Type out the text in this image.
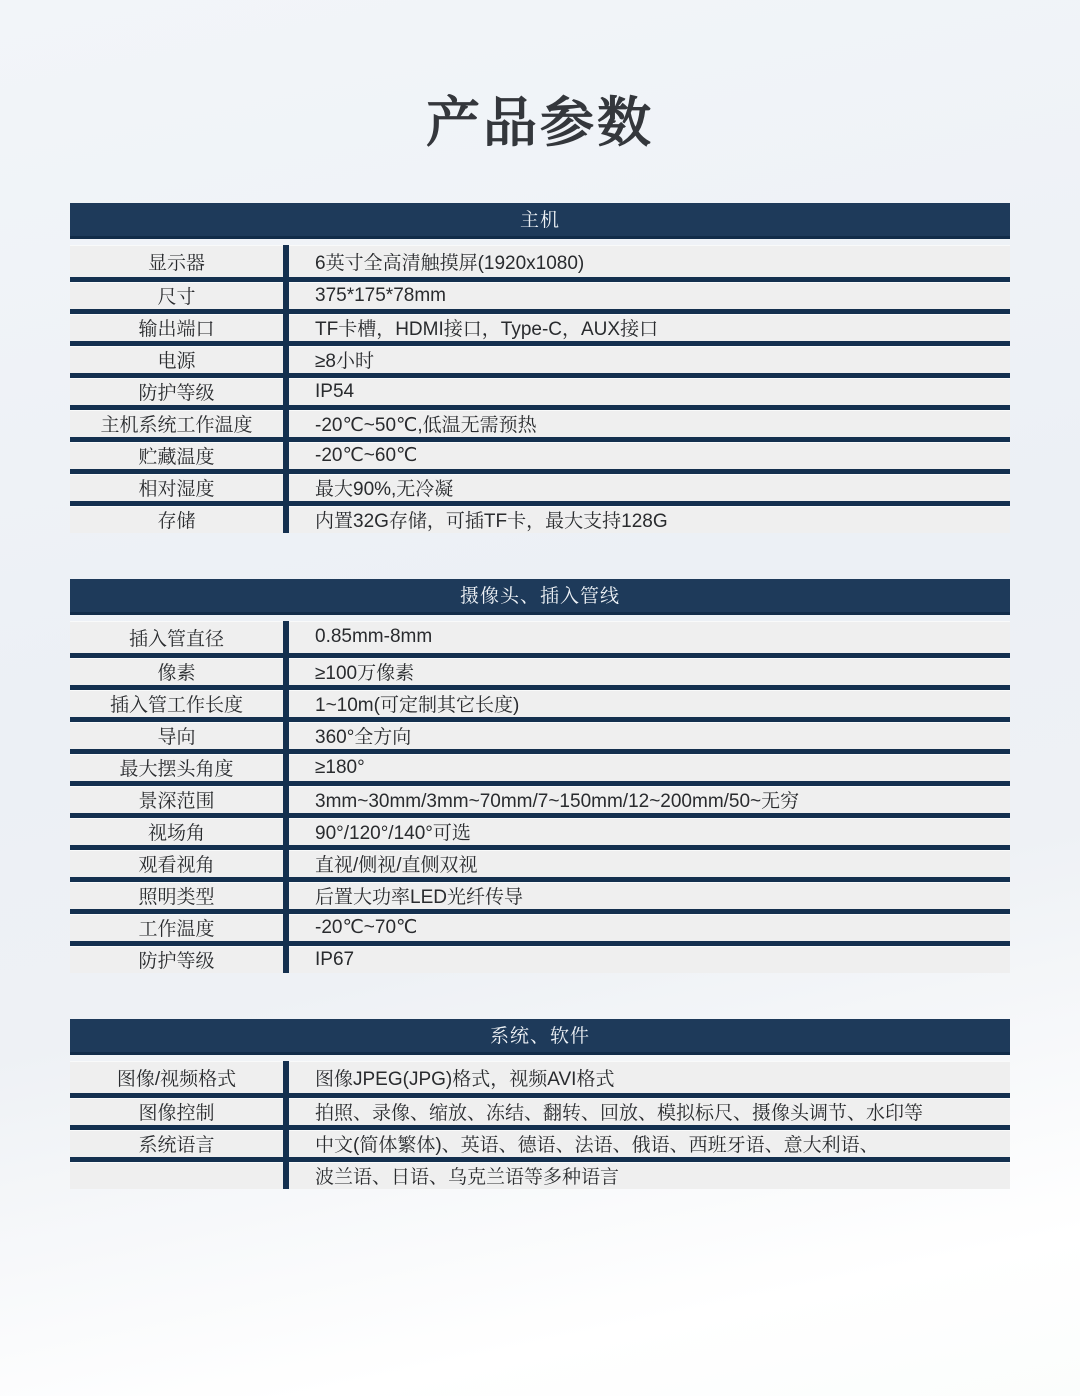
产品参数
主机
显示器	6英寸全高清触摸屏(1920x1080)
尺寸	375*175*78mm
输出端口	TF卡槽，HDMI接口，Type-C，AUX接口
电源	≥8小时
防护等级	IP54
主机系统工作温度	-20℃~50℃,低温无需预热
贮藏温度	-20℃~60℃
相对湿度	最大90%,无冷凝
存储	内置32G存储，可插TF卡，最大支持128G
摄像头、插入管线
插入管直径	0.85mm-8mm
像素	≥100万像素
插入管工作长度	1~10m(可定制其它长度)
导向	360°全方向
最大摆头角度	≥180°
景深范围	3mm~30mm/3mm~70mm/7~150mm/12~200mm/50~无穷
视场角	90°/120°/140°可选
观看视角	直视/侧视/直侧双视
照明类型	后置大功率LED光纤传导
工作温度	-20℃~70℃
防护等级	IP67
系统、软件
图像/视频格式	图像JPEG(JPG)格式，视频AVI格式
图像控制	拍照、录像、缩放、冻结、翻转、回放、模拟标尺、摄像头调节、水印等
系统语言	中文(简体繁体)、英语、德语、法语、俄语、西班牙语、意大利语、
波兰语、日语、乌克兰语等多种语言
